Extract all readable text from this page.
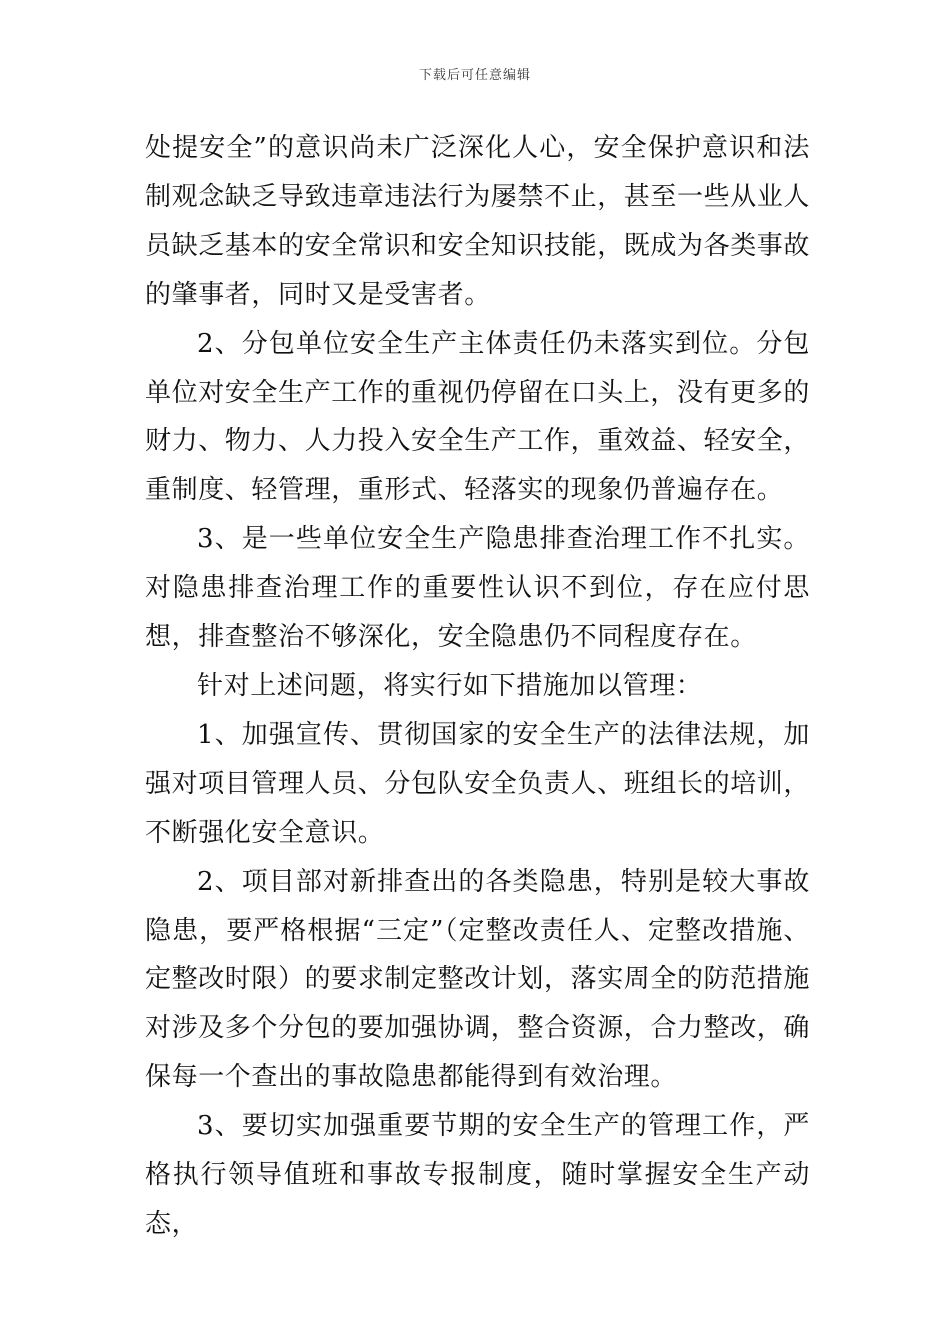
下载后可任意编辑

处提安全”的意识尚未广泛深化人心，安全保护意识和法制观念缺乏导致违章违法行为屡禁不止，甚至一些从业人员缺乏基本的安全常识和安全知识技能，既成为各类事故的肇事者，同时又是受害者。

2、分包单位安全生产主体责任仍未落实到位。分包单位对安全生产工作的重视仍停留在口头上，没有更多的财力、物力、人力投入安全生产工作，重效益、轻安全，重制度、轻管理，重形式、轻落实的现象仍普遍存在。

3、是一些单位安全生产隐患排查治理工作不扎实。对隐患排查治理工作的重要性认识不到位，存在应付思想，排查整治不够深化，安全隐患仍不同程度存在。

针对上述问题，将实行如下措施加以管理：

1、加强宣传、贯彻国家的安全生产的法律法规，加强对项目管理人员、分包队安全负责人、班组长的培训，不断强化安全意识。

2、项目部对新排查出的各类隐患，特别是较大事故隐患，要严格根据“三定”（定整改责任人、定整改措施、定整改时限）的要求制定整改计划，落实周全的防范措施对涉及多个分包的要加强协调，整合资源，合力整改，确保每一个查出的事故隐患都能得到有效治理。

3、要切实加强重要节期的安全生产的管理工作，严格执行领导值班和事故专报制度，随时掌握安全生产动态，
